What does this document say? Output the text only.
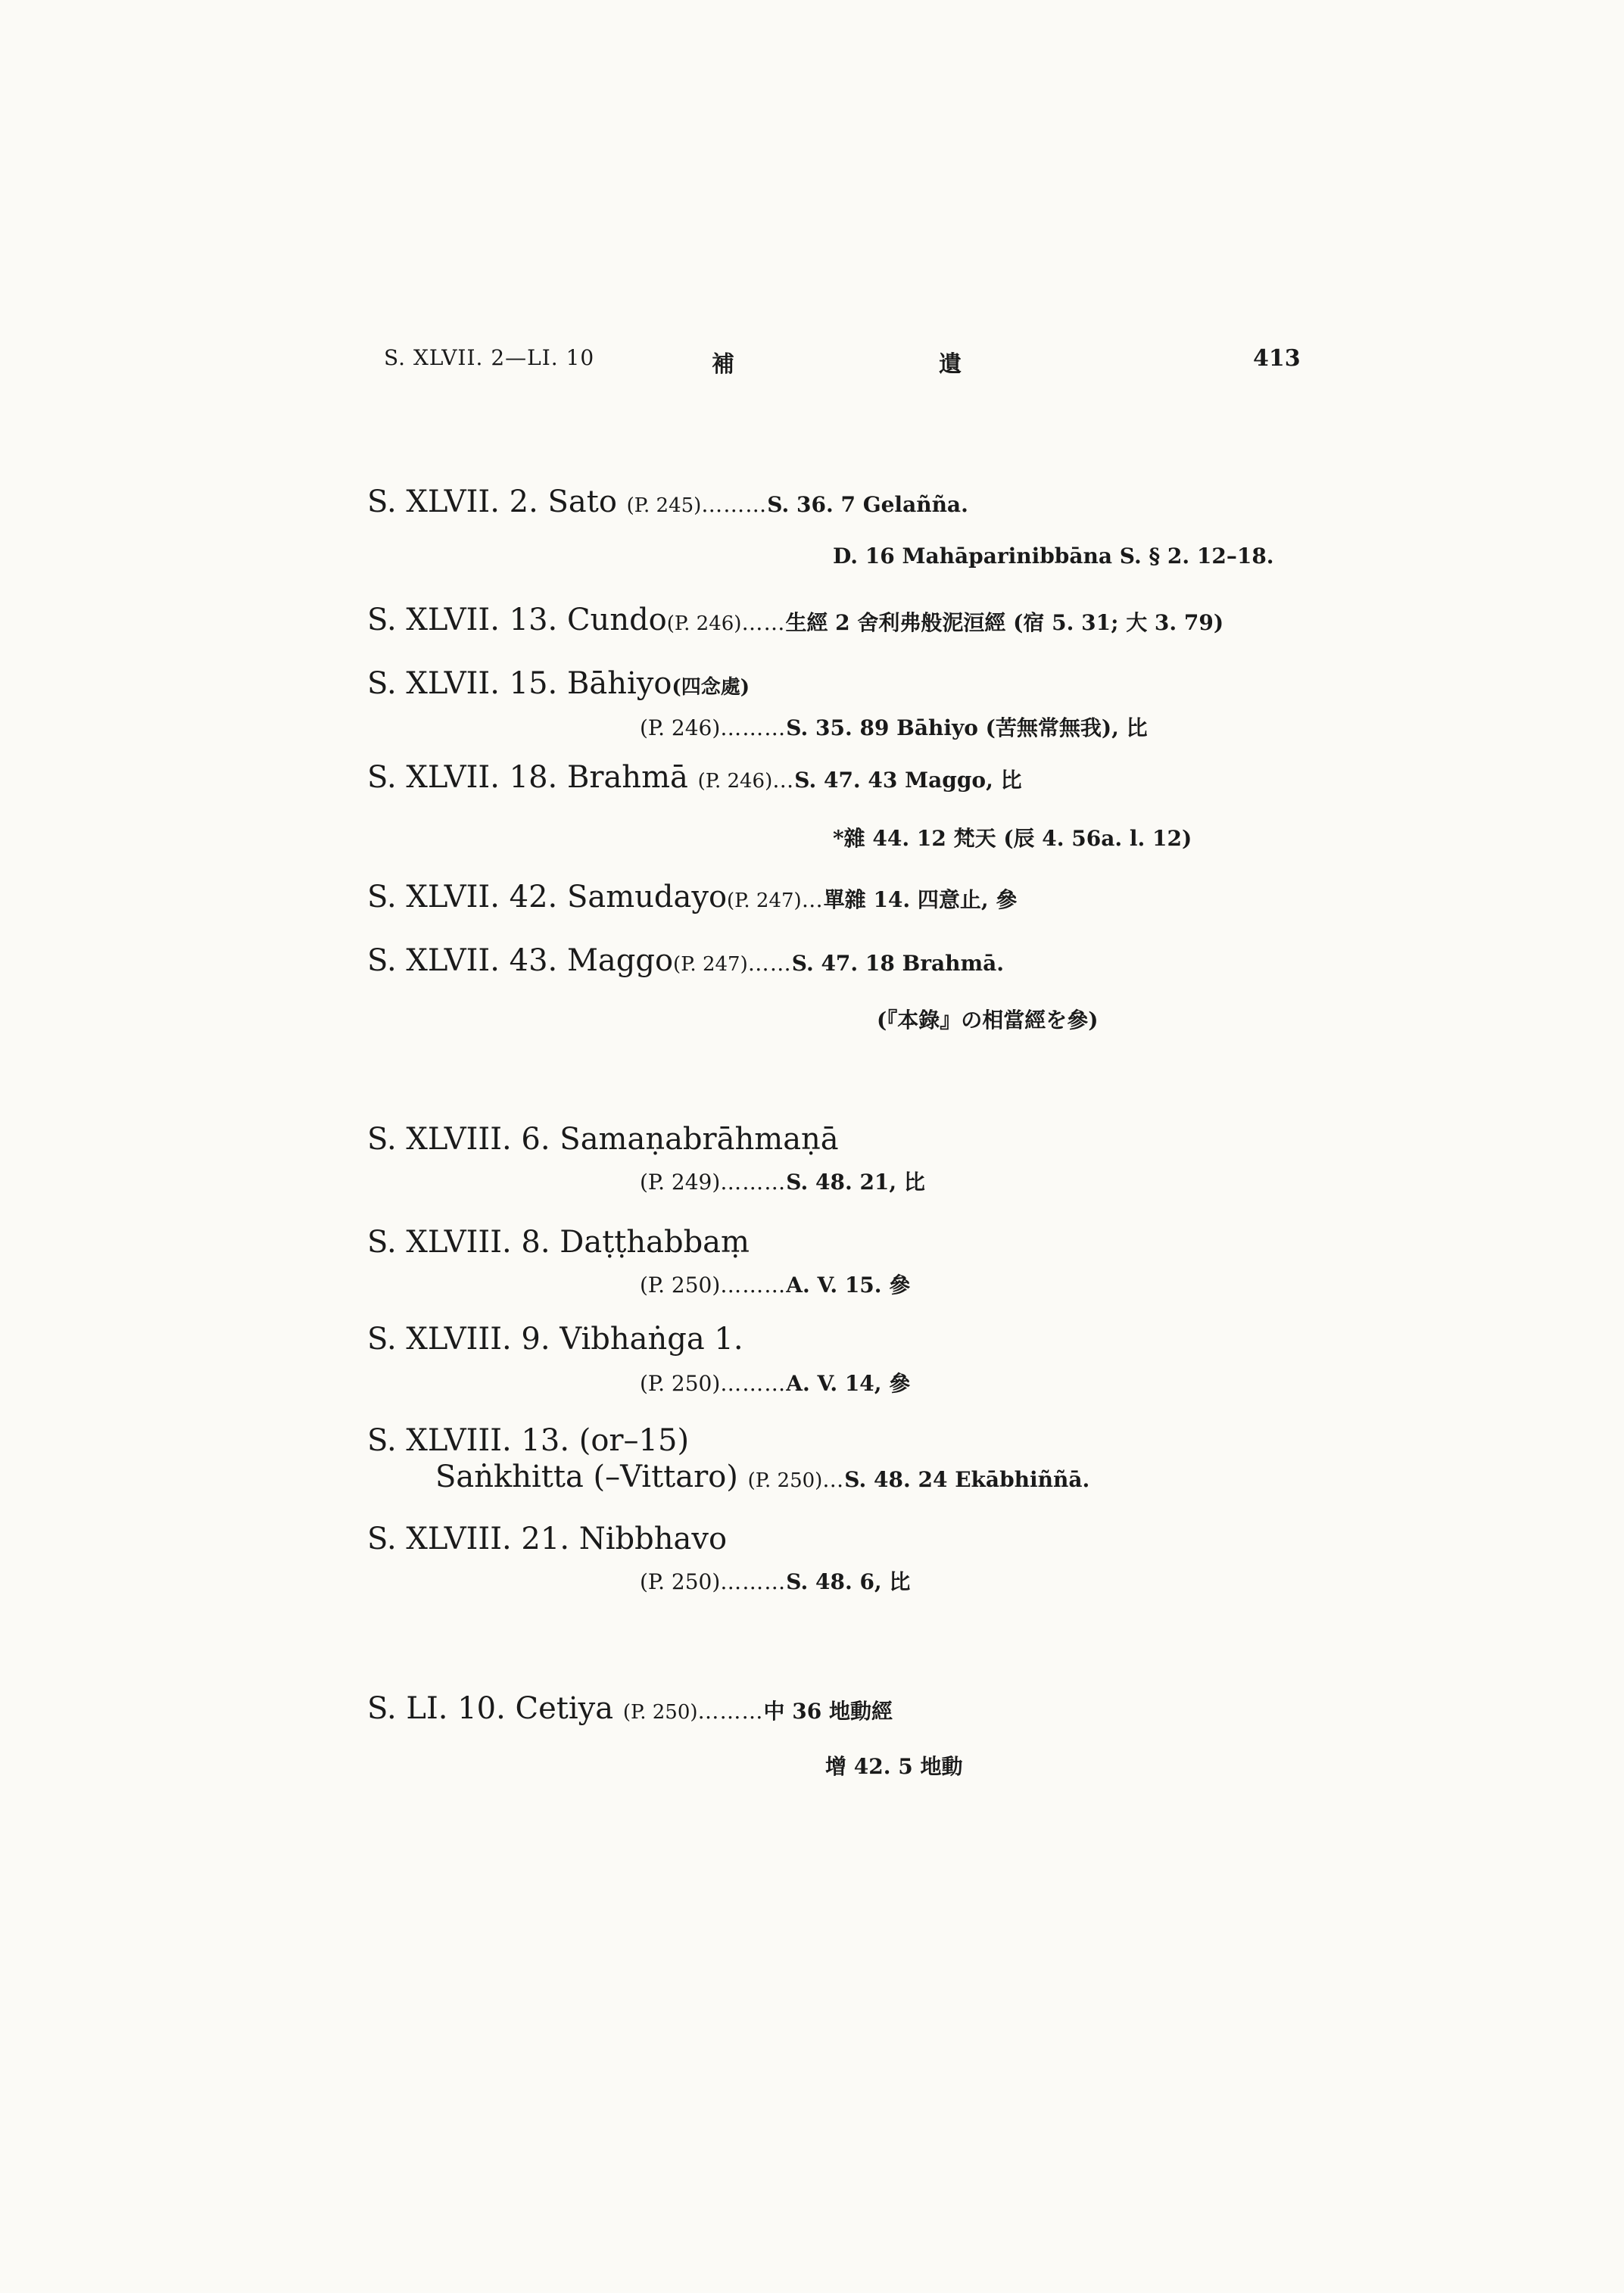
S. XLVII. 2—LI. 10	補	遺	413
S. XLVII. 2. Sato (P. 245)………S. 36. 7 Gelañña.
D. 16 Mahāparinibbāna S. § 2. 12–18.
S. XLVII. 13. Cundo(P. 246)……生經 2 舍利弗般泥洹經 (宿 5. 31; 大 3. 79)
S. XLVII. 15. Bāhiyo(四念處)
(P. 246)………S. 35. 89 Bāhiyo (苦無常無我), 比
S. XLVII. 18. Brahmā (P. 246)…S. 47. 43 Maggo, 比
*雜 44. 12 梵天 (辰 4. 56a. l. 12)
S. XLVII. 42. Samudayo(P. 247)…單雜 14. 四意止, 參
S. XLVII. 43. Maggo(P. 247)……S. 47. 18 Brahmā.
(『本錄』の相當經を參)
S. XLVIII. 6. Samaṇabrāhmaṇā
(P. 249)………S. 48. 21, 比
S. XLVIII. 8. Daṭṭhabbaṃ
(P. 250)………A. V. 15. 參
S. XLVIII. 9. Vibhaṅga 1.
(P. 250)………A. V. 14, 參
S. XLVIII. 13. (or–15)
Saṅkhitta (–Vittaro) (P. 250)…S. 48. 24 Ekābhiññā.
S. XLVIII. 21. Nibbhavo
(P. 250)………S. 48. 6, 比
S. LI. 10. Cetiya (P. 250)………中 36 地動經
增 42. 5 地動
